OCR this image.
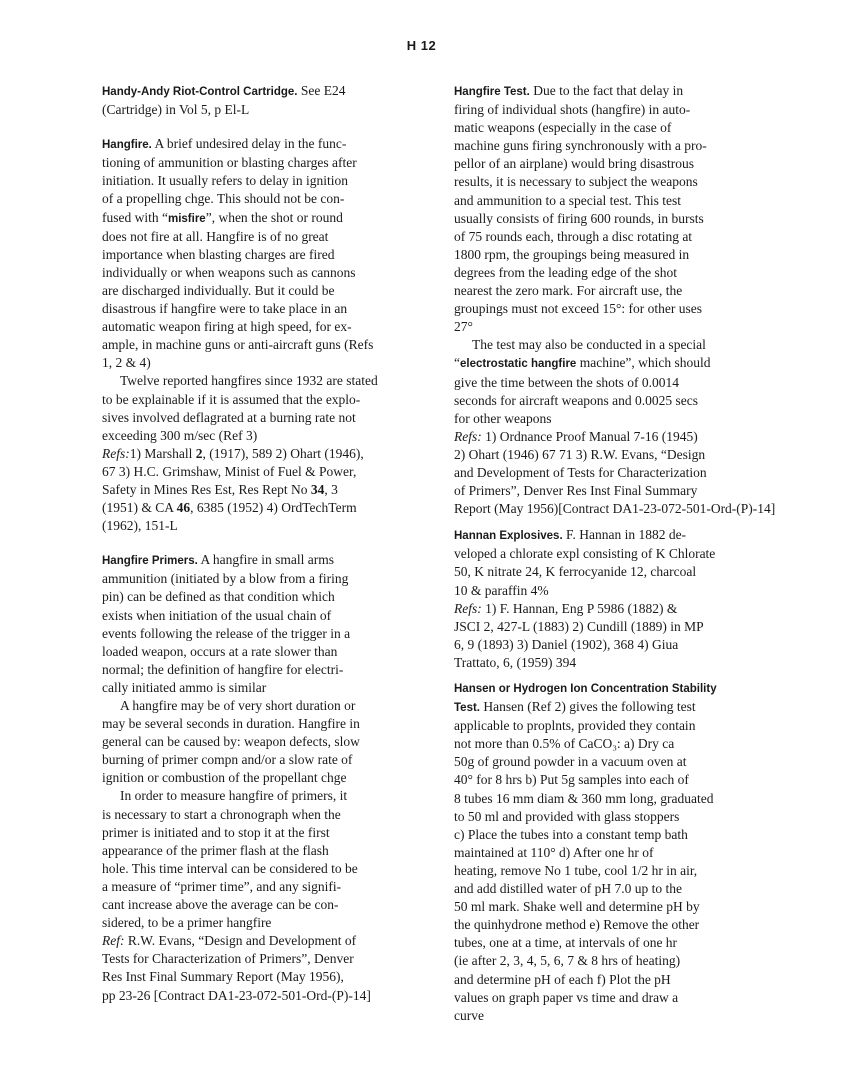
H 12
Handy-Andy Riot-Control Cartridge. See E24
(Cartridge) in Vol 5, p El-L
Hangfire. A brief undesired delay in the func-
tioning of ammunition or blasting charges after
initiation. It usually refers to delay in ignition
of a propelling chge. This should not be con-
fused with “misfire”, when the shot or round
does not fire at all. Hangfire is of no great
importance when blasting charges are fired
individually or when weapons such as cannons
are discharged individually. But it could be
disastrous if hangfire were to take place in an
automatic weapon firing at high speed, for ex-
ample, in machine guns or anti-aircraft guns (Refs
1, 2 & 4)
Twelve reported hangfires since 1932 are stated
to be explainable if it is assumed that the explo-
sives involved deflagrated at a burning rate not
exceeding 300 m/sec (Ref 3)
Refs:1) Marshall 2, (1917), 589 2) Ohart (1946),
67 3) H.C. Grimshaw, Minist of Fuel & Power,
Safety in Mines Res Est, Res Rept No 34, 3
(1951) & CA 46, 6385 (1952) 4) OrdTechTerm
(1962), 151-L
Hangfire Primers. A hangfire in small arms
ammunition (initiated by a blow from a firing
pin) can be defined as that condition which
exists when initiation of the usual chain of
events following the release of the trigger in a
loaded weapon, occurs at a rate slower than
normal; the definition of hangfire for electri-
cally initiated ammo is similar
A hangfire may be of very short duration or
may be several seconds in duration. Hangfire in
general can be caused by: weapon defects, slow
burning of primer compn and/or a slow rate of
ignition or combustion of the propellant chge
In order to measure hangfire of primers, it
is necessary to start a chronograph when the
primer is initiated and to stop it at the first
appearance of the primer flash at the flash
hole. This time interval can be considered to be
a measure of “primer time”, and any signifi-
cant increase above the average can be con-
sidered, to be a primer hangfire
Ref: R.W. Evans, “Design and Development of
Tests for Characterization of Primers”, Denver
Res Inst Final Summary Report (May 1956),
pp 23-26 [Contract DA1-23-072-501-Ord-(P)-14]
Hangfire Test. Due to the fact that delay in
firing of individual shots (hangfire) in auto-
matic weapons (especially in the case of
machine guns firing synchronously with a pro-
pellor of an airplane) would bring disastrous
results, it is necessary to subject the weapons
and ammunition to a special test. This test
usually consists of firing 600 rounds, in bursts
of 75 rounds each, through a disc rotating at
1800 rpm, the groupings being measured in
degrees from the leading edge of the shot
nearest the zero mark. For aircraft use, the
groupings must not exceed 15°: for other uses
27°
The test may also be conducted in a special
“electrostatic hangfire machine”, which should
give the time between the shots of 0.0014
seconds for aircraft weapons and 0.0025 secs
for other weapons
Refs: 1) Ordnance Proof Manual 7-16 (1945)
2) Ohart (1946) 67 71 3) R.W. Evans, “Design
and Development of Tests for Characterization
of Primers”, Denver Res Inst Final Summary
Report (May 1956)[Contract DA1-23-072-501-Ord-(P)-14]
Hannan Explosives. F. Hannan in 1882 de-
veloped a chlorate expl consisting of K Chlorate
50, K nitrate 24, K ferrocyanide 12, charcoal
10 & paraffin 4%
Refs: 1) F. Hannan, Eng P 5986 (1882) &
JSCI 2, 427-L (1883) 2) Cundill (1889) in MP
6, 9 (1893) 3) Daniel (1902), 368 4) Giua
Trattato, 6, (1959) 394
Hansen or Hydrogen Ion Concentration Stability
Test. Hansen (Ref 2) gives the following test
applicable to proplnts, provided they contain
not more than 0.5% of CaCO₃: a) Dry ca
50g of ground powder in a vacuum oven at
40° for 8 hrs b) Put 5g samples into each of
8 tubes 16 mm diam & 360 mm long, graduated
to 50 ml and provided with glass stoppers
c) Place the tubes into a constant temp bath
maintained at 110° d) After one hr of
heating, remove No 1 tube, cool 1/2 hr in air,
and add distilled water of pH 7.0 up to the
50 ml mark. Shake well and determine pH by
the quinhydrone method e) Remove the other
tubes, one at a time, at intervals of one hr
(ie after 2, 3, 4, 5, 6, 7 & 8 hrs of heating)
and determine pH of each f) Plot the pH
values on graph paper vs time and draw a
curve
